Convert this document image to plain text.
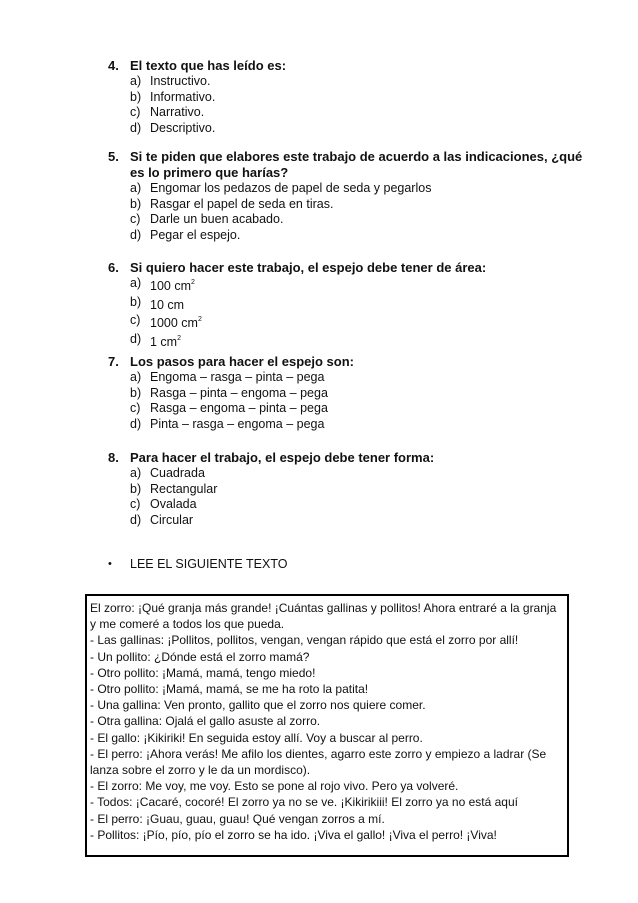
4. El texto que has leído es:
a) Instructivo.
b) Informativo.
c) Narrativo.
d) Descriptivo.
5. Si te piden que elabores este trabajo de acuerdo a las indicaciones, ¿qué es lo primero que harías?
a) Engomar los pedazos de papel de seda y pegarlos
b) Rasgar el papel de seda en tiras.
c) Darle un buen acabado.
d) Pegar el espejo.
6. Si quiero hacer este trabajo, el espejo debe tener de área:
a) 100 $cm^2$
b) 10 cm
c) 1000 $cm^2$
d) 1 $cm^2$
7. Los pasos para hacer el espejo son:
a) Engoma – rasga – pinta – pega
b) Rasga – pinta – engoma – pega
c) Rasga – engoma – pinta – pega
d) Pinta – rasga – engoma – pega
8. Para hacer el trabajo, el espejo debe tener forma:
a) Cuadrada
b) Rectangular
c) Ovalada
d) Circular
•	LEE EL SIGUIENTE TEXTO

El zorro: ¡Qué granja más grande! ¡Cuántas gallinas y pollitos! Ahora entraré a la granja y me comeré a todos los que pueda.

- Las gallinas: ¡Pollitos, pollitos, vengan, vengan rápido que está el zorro por allí!

- Un pollito: ¿Dónde está el zorro mamá?

- Otro pollito: ¡Mamá, mamá, tengo miedo!

- Otro pollito: ¡Mamá, mamá, se me ha roto la patita!

- Una gallina: Ven pronto, gallito que el zorro nos quiere comer.

- Otra gallina: Ojalá el gallo asuste al zorro.

- El gallo: ¡Kikiriki! En seguida estoy allí. Voy a buscar al perro.

- El perro: ¡Ahora verás! Me afilo los dientes, agarro este zorro y empiezo a ladrar (Se lanza sobre el zorro y le da un mordisco).

- El zorro: Me voy, me voy. Esto se pone al rojo vivo. Pero ya volveré.

- Todos: ¡Cacaré, cocoré! El zorro ya no se ve. ¡Kikirikiii! El zorro ya no está aquí

- El perro: ¡Guau, guau, guau! Qué vengan zorros a mí.

- Pollitos: ¡Pío, pío, pío el zorro se ha ido. ¡Viva el gallo! ¡Viva el perro! ¡Viva!
